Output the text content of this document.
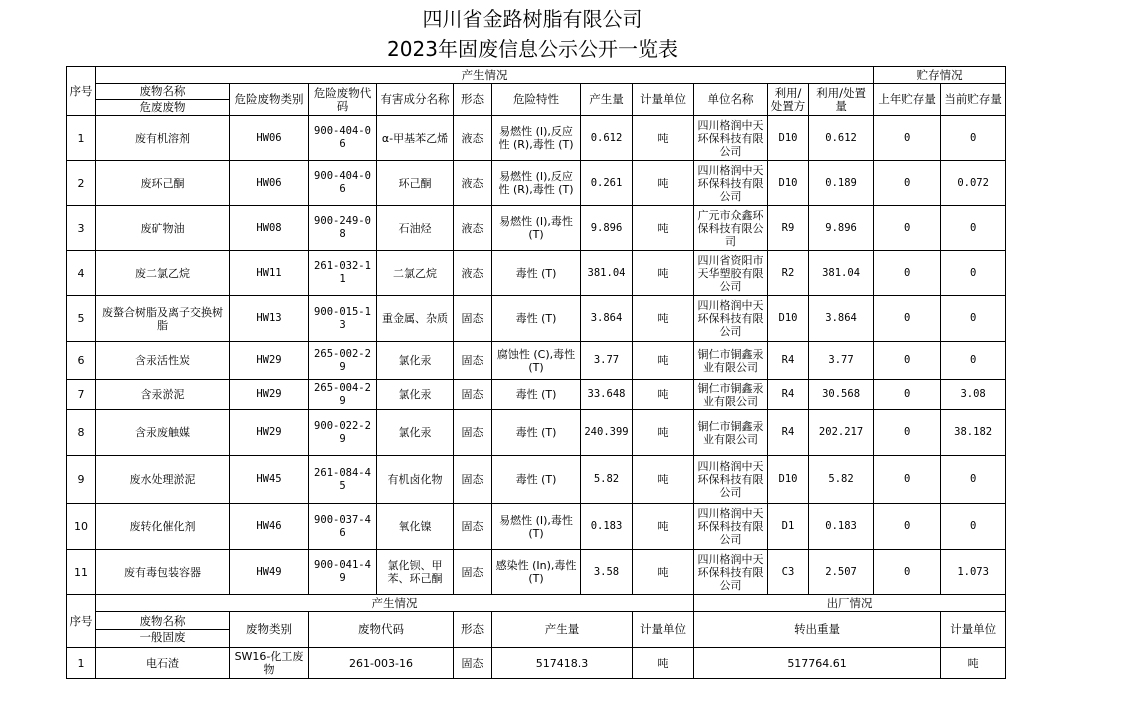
四川省金路树脂有限公司
2023年固废信息公示公开一览表
序号	产生情况											贮存情况	

	废物名称
危废废物	危险废物类别	危险废物代码	有害成分名称	形态	危险特性	产生量	计量单位	单位名称	利用/处置方	利用/处置量	上年贮存量	当前贮存量
1	废有机溶剂	HW06	900-404-06	α-甲基苯乙烯	液态	易燃性 (I),反应性 (R),毒性 (T)	0.612	吨	四川格润中天环保科技有限公司	D10	0.612	0	0
2	废环己酮	HW06	900-404-06	环己酮	液态	易燃性 (I),反应性 (R),毒性 (T)	0.261	吨	四川格润中天环保科技有限公司	D10	0.189	0	0.072
3	废矿物油	HW08	900-249-08	石油烃	液态	易燃性 (I),毒性 (T)	9.896	吨	广元市众鑫环保科技有限公司	R9	9.896	0	0
4	废二氯乙烷	HW11	261-032-11	二氯乙烷	液态	毒性 (T)	381.04	吨	四川省资阳市天华塑胶有限公司	R2	381.04	0	0
5	废螯合树脂及离子交换树脂	HW13	900-015-13	重金属、杂质	固态	毒性 (T)	3.864	吨	四川格润中天环保科技有限公司	D10	3.864	0	0
6	含汞活性炭	HW29	265-002-29	氯化汞	固态	腐蚀性 (C),毒性 (T)	3.77	吨	铜仁市铜鑫汞业有限公司	R4	3.77	0	0
7	含汞淤泥	HW29	265-004-29	氯化汞	固态	毒性 (T)	33.648	吨	铜仁市铜鑫汞业有限公司	R4	30.568	0	3.08
8	含汞废触媒	HW29	900-022-29	氯化汞	固态	毒性 (T)	240.399	吨	铜仁市铜鑫汞业有限公司	R4	202.217	0	38.182
9	废水处理淤泥	HW45	261-084-45	有机卤化物	固态	毒性 (T)	5.82	吨	四川格润中天环保科技有限公司	D10	5.82	0	0
10	废转化催化剂	HW46	900-037-46	氧化镍	固态	易燃性 (I),毒性 (T)	0.183	吨	四川格润中天环保科技有限公司	D1	0.183	0	0
11	废有毒包装容器	HW49	900-041-49	氯化钡、甲苯、环己酮	固态	感染性 (In),毒性 (T)	3.58	吨	四川格润中天环保科技有限公司	C3	2.507	0	1.073
序号	产生情况								出厂情况				

	废物名称
一般固废	废物类别	废物代码		形态	产生量		计量单位	转出重量				计量单位
1	电石渣	SW16-化工废物	261-003-16		固态	517418.3		吨	517764.61				吨
